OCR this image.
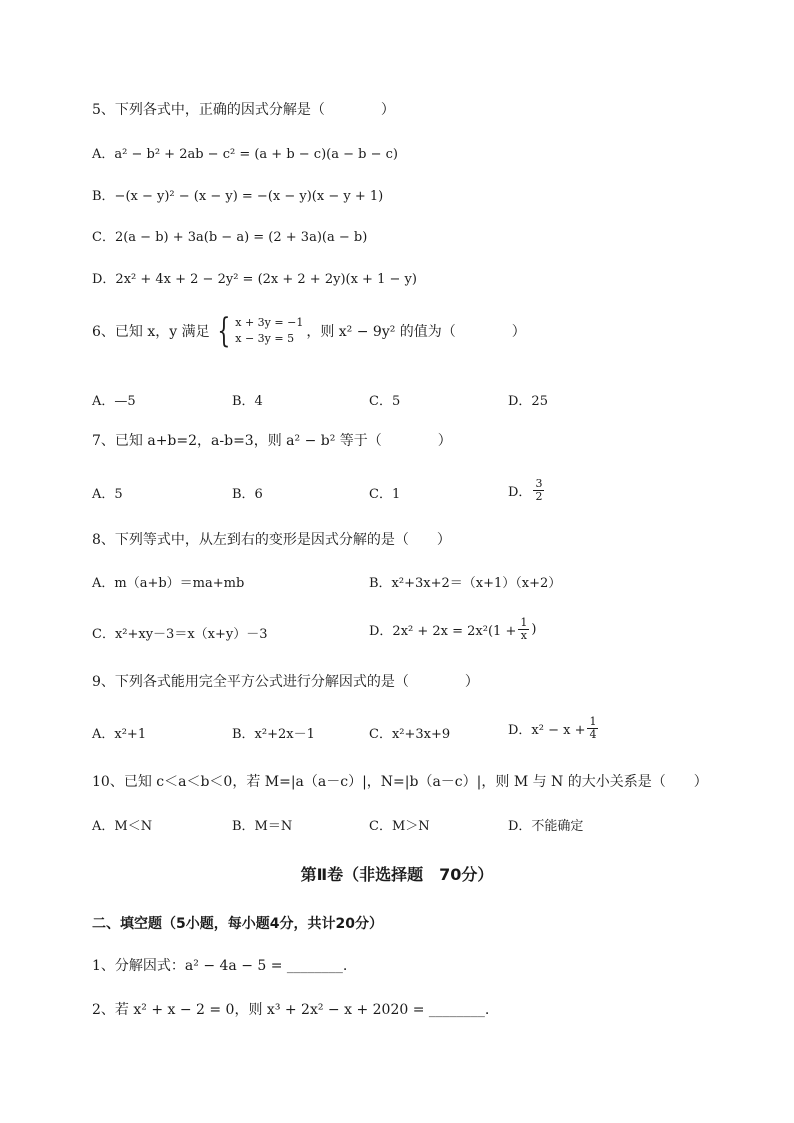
5、下列各式中，正确的因式分解是（　　　　）
A．a² − b² + 2ab − c² = (a + b − c)(a − b − c)
B．−(x − y)² − (x − y) = −(x − y)(x − y + 1)
C．2(a − b) + 3a(b − a) = (2 + 3a)(a − b)
D．2x² + 4x + 2 − 2y² = (2x + 2 + 2y)(x + 1 − y)
6、已知 x，y 满足 { x + 3y = −1
x − 3y = 5 ，则 x² − 9y² 的值为（　　　　）
A．—5	B．4	C．5	D．25
7、已知 a+b=2，a-b=3，则 a² − b² 等于（　　　　）
A．5	B．6	C．1	D． $\frac{3}{2}$
8、下列等式中，从左到右的变形是因式分解的是（　　）
A．m（a+b）＝ma+mb	B．x²+3x+2＝（x+1）（x+2）
C．x²+xy－3＝x（x+y）－3	D．$2x^2 + 2x = 2x^2(1 + \frac{1}{x}$ )
9、下列各式能用完全平方公式进行分解因式的是（　　　　）
A．x²+1	B．x²+2x－1	C．x²+3x+9	D．$x^2 - x + \frac{1}{4}$
10、已知 c＜a＜b＜0，若 M=|a（a－c）|，N=|b（a－c）|，则 M 与 N 的大小关系是（　　）
A．M＜N	B．M＝N	C．M＞N	D．不能确定
第Ⅱ卷（非选择题　70分）
二、填空题（5小题，每小题4分，共计20分）
1、分解因式：a² − 4a − 5 = ________.
2、若 x² + x − 2 = 0，则 x³ + 2x² − x + 2020 = ________.
